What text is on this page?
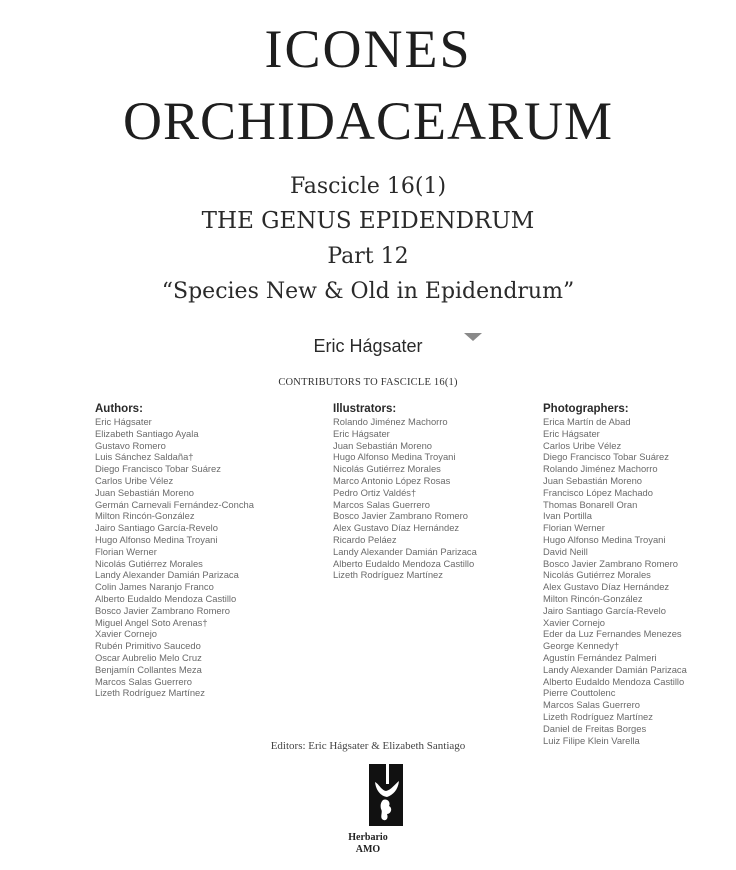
ICONES
ORCHIDACEARUM
Fascicle 16(1)
THE GENUS EPIDENDRUM
Part 12
“Species New & Old in Epidendrum”
Eric Hágsater
CONTRIBUTORS TO FASCICLE 16(1)
Authors:
Eric Hágsater
Elizabeth Santiago Ayala
Gustavo Romero
Luis Sánchez Saldaña†
Diego Francisco Tobar Suárez
Carlos Uribe Vélez
Juan Sebastián Moreno
Germán Carnevali Fernández-Concha
Milton Rincón-González
Jairo Santiago García-Revelo
Hugo Alfonso Medina Troyani
Florian Werner
Nicolás Gutiérrez Morales
Landy Alexander Damián Parizaca
Colin James Naranjo Franco
Alberto Eudaldo Mendoza Castillo
Bosco Javier Zambrano Romero
Miguel Angel Soto Arenas†
Xavier Cornejo
Rubén Primitivo Saucedo
Oscar Aubrelio Melo Cruz
Benjamín Collantes Meza
Marcos Salas Guerrero
Lizeth Rodríguez Martínez
Illustrators:
Rolando Jiménez Machorro
Eric Hágsater
Juan Sebastián Moreno
Hugo Alfonso Medina Troyani
Nicolás Gutiérrez Morales
Marco Antonio López Rosas
Pedro Ortiz Valdés†
Marcos Salas Guerrero
Bosco Javier Zambrano Romero
Alex Gustavo Díaz Hernández
Ricardo Peláez
Landy Alexander Damián Parizaca
Alberto Eudaldo Mendoza Castillo
Lizeth Rodríguez Martínez
Photographers:
Erica Martín de Abad
Eric Hágsater
Carlos Uribe Vélez
Diego Francisco Tobar Suárez
Rolando Jiménez Machorro
Juan Sebastián Moreno
Francisco López Machado
Thomas Bonarell Oran
Ivan Portilla
Florian Werner
Hugo Alfonso Medina Troyani
David Neill
Bosco Javier Zambrano Romero
Nicolás Gutiérrez Morales
Alex Gustavo Díaz Hernández
Milton Rincón-González
Jairo Santiago García-Revelo
Xavier Cornejo
Eder da Luz Fernandes Menezes
George Kennedy†
Agustín Fernández Palmeri
Landy Alexander Damián Parizaca
Alberto Eudaldo Mendoza Castillo
Pierre Couttolenc
Marcos Salas Guerrero
Lizeth Rodríguez Martínez
Daniel de Freitas Borges
Luiz Filipe Klein Varella
Editors: Eric Hágsater & Elizabeth Santiago
Herbario
AMO
